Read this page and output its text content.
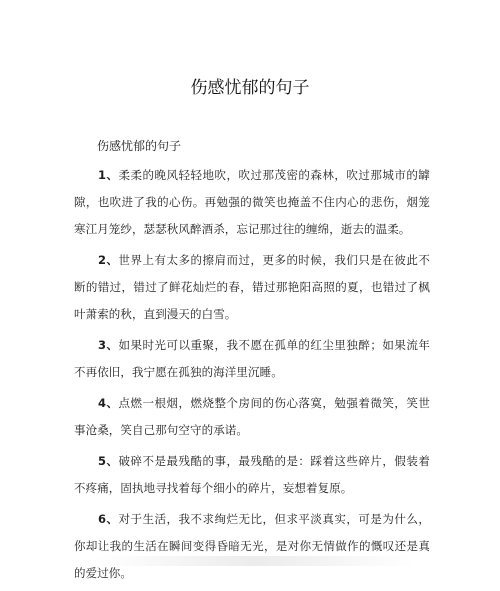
伤感忧郁的句子
伤感忧郁的句子

1、柔柔的晚风轻轻地吹，吹过那茂密的森林，吹过那城市的罅隙，也吹进了我的心伤。再勉强的微笑也掩盖不住内心的悲伤，烟笼寒江月笼纱，瑟瑟秋风醉酒杀，忘记那过往的缠绵，逝去的温柔。

2、世界上有太多的擦肩而过，更多的时候，我们只是在彼此不断的错过，错过了鲜花灿烂的春，错过那艳阳高照的夏，也错过了枫叶萧索的秋，直到漫天的白雪。

3、如果时光可以重聚，我不愿在孤单的红尘里独醉；如果流年不再依旧，我宁愿在孤独的海洋里沉睡。

4、点燃一根烟，燃烧整个房间的伤心落寞，勉强着微笑，笑世事沧桑，笑自己那句空守的承诺。

5、破碎不是最残酷的事，最残酷的是：踩着这些碎片，假装着不疼痛，固执地寻找着每个细小的碎片，妄想着复原。

6、对于生活，我不求绚烂无比，但求平淡真实，可是为什么，你却让我的生活在瞬间变得昏暗无光，是对你无情做作的慨叹还是真的爱过你。
